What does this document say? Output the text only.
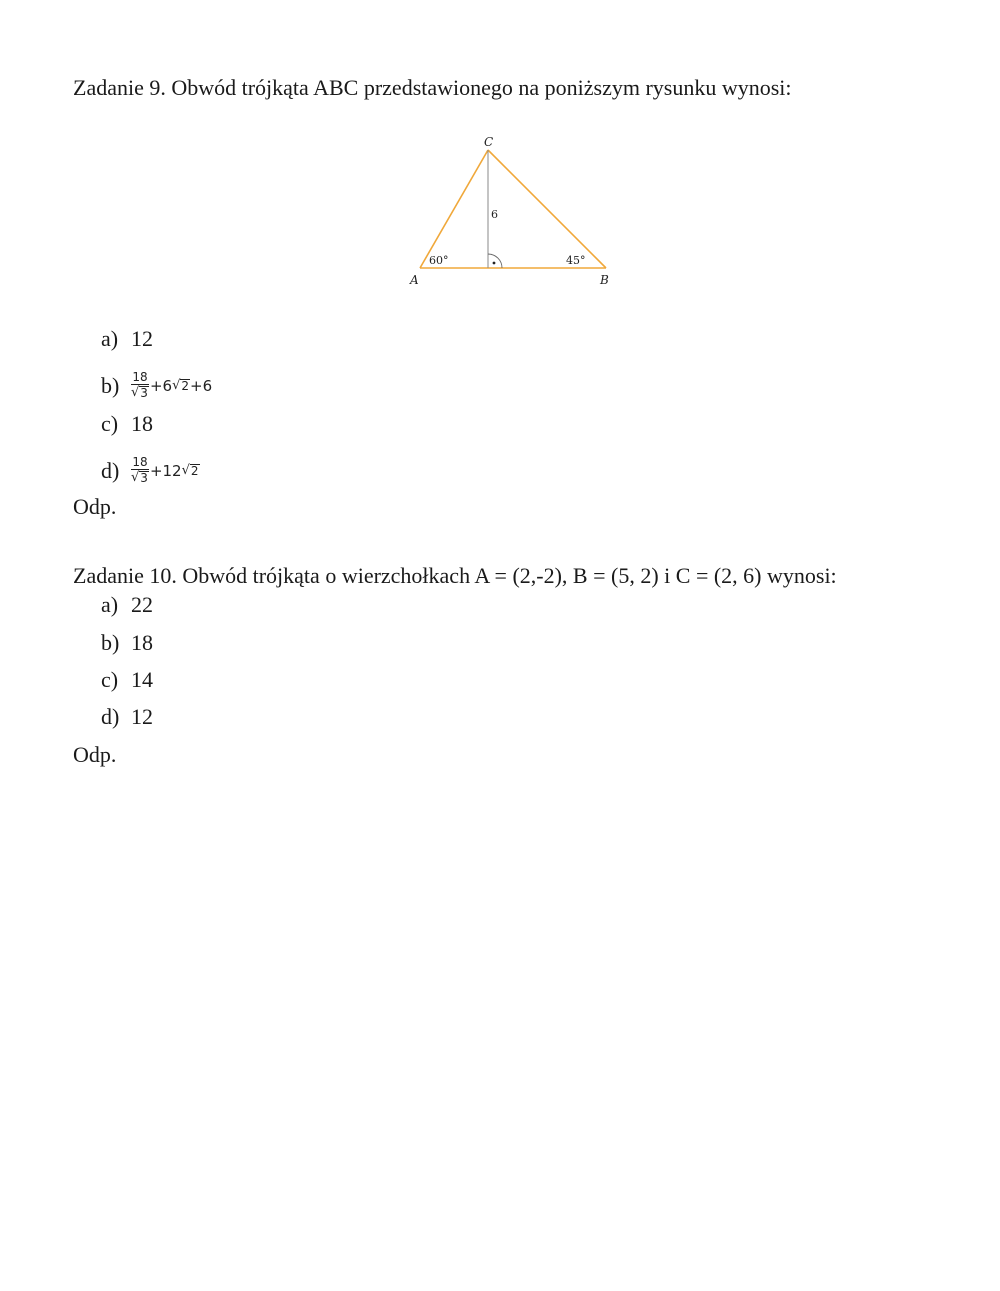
Zadanie 9. Obwód trójkąta ABC przedstawionego na poniższym rysunku wynosi:
C
A	B
6
60°	45°
a) 12
$b) \frac{18}{√ 3} +6$ √ 2 +6
c) 18
$d) \frac{18}{√ 3} +12$ √ 2
Odp.
Zadanie 10. Obwód trójkąta o wierzchołkach A = (2,-2), B = (5, 2) i C = (2, 6) wynosi:
a) 22
b) 18
c) 14
d) 12
Odp.
